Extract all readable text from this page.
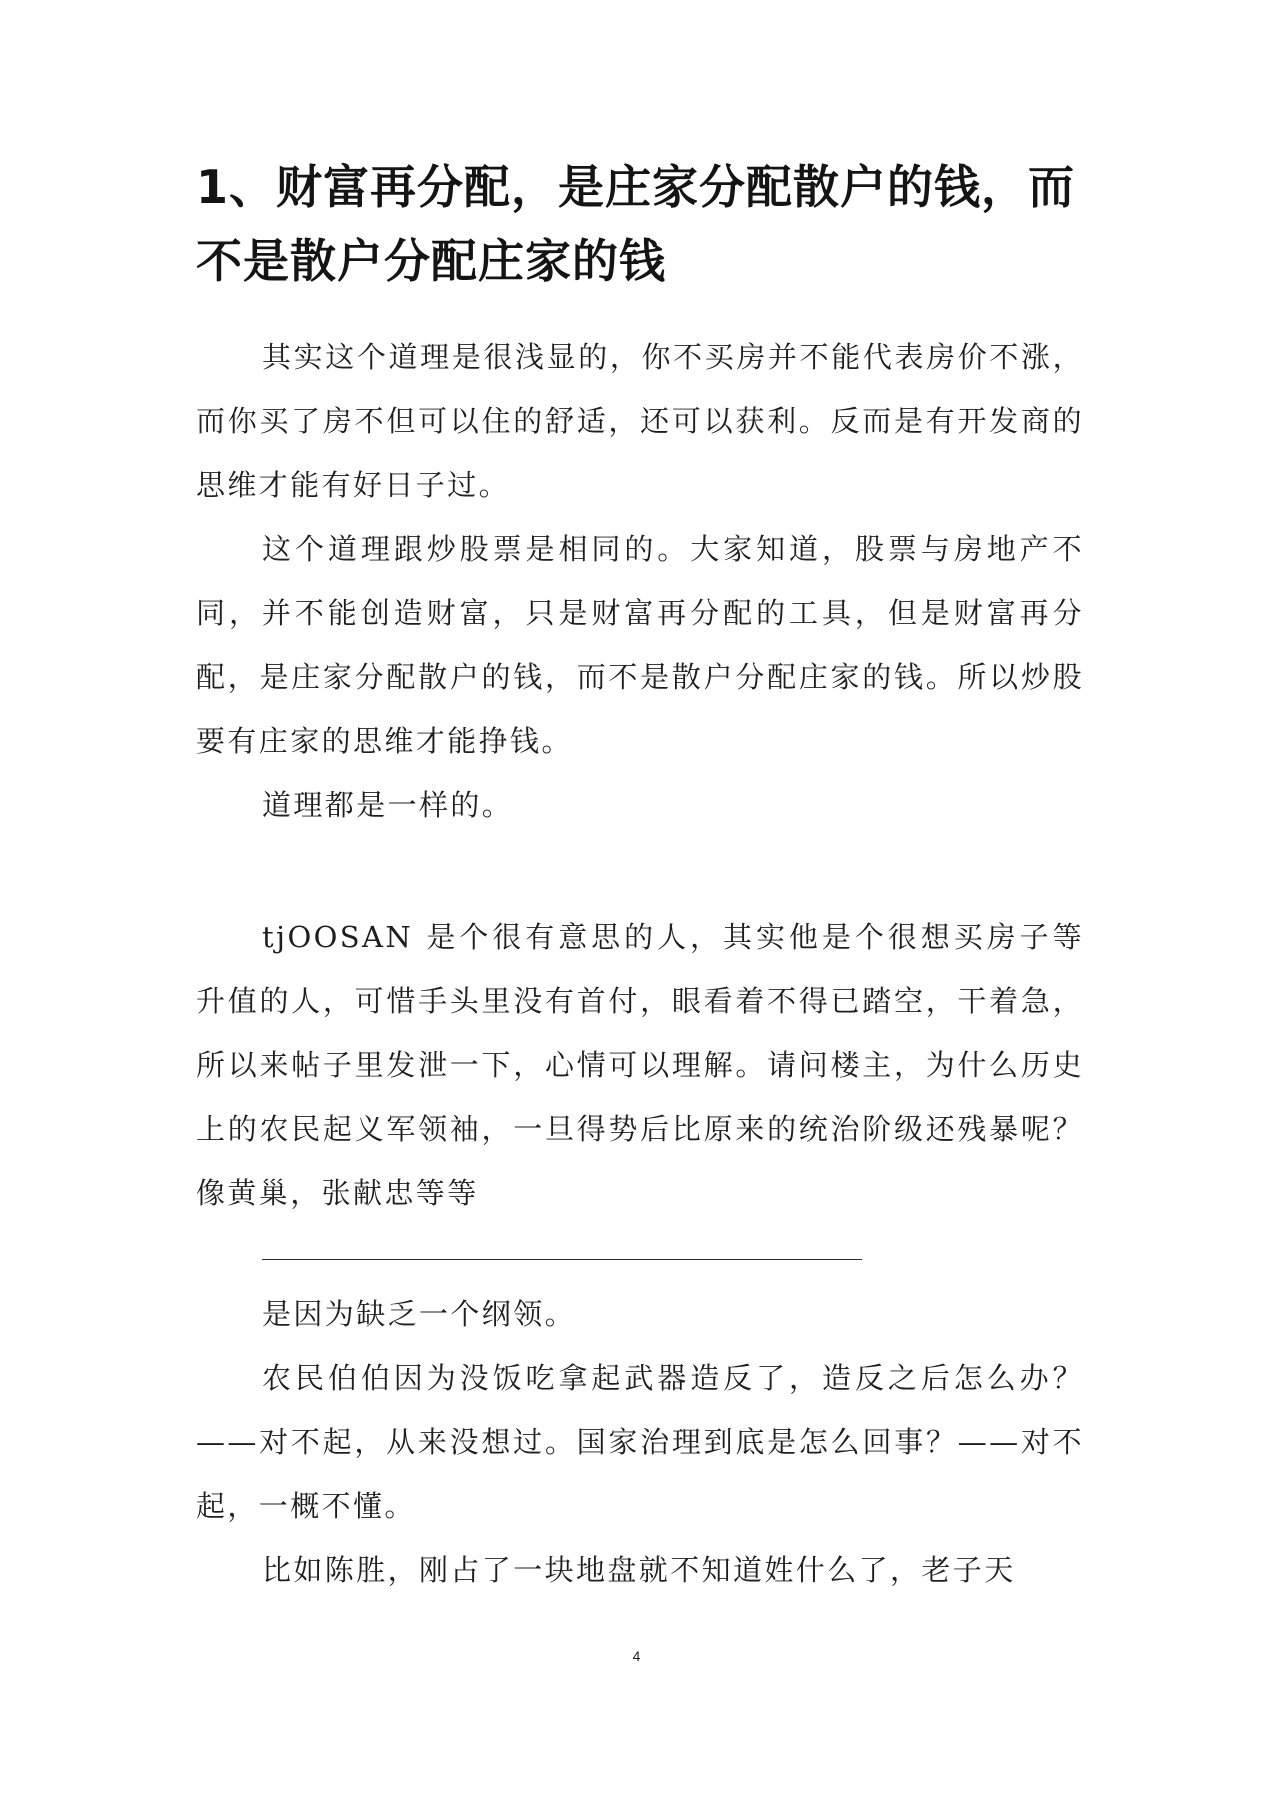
1、财富再分配，是庄家分配散户的钱，而不是散户分配庄家的钱

其实这个道理是很浅显的，你不买房并不能代表房价不涨，而你买了房不但可以住的舒适，还可以获利。反而是有开发商的思维才能有好日子过。

这个道理跟炒股票是相同的。大家知道，股票与房地产不同，并不能创造财富，只是财富再分配的工具，但是财富再分配，是庄家分配散户的钱，而不是散户分配庄家的钱。所以炒股要有庄家的思维才能挣钱。

道理都是一样的。

tjOOSAN 是个很有意思的人，其实他是个很想买房子等升值的人，可惜手头里没有首付，眼看着不得已踏空，干着急，所以来帖子里发泄一下，心情可以理解。请问楼主，为什么历史上的农民起义军领袖，一旦得势后比原来的统治阶级还残暴呢？像黄巢，张献忠等等

是因为缺乏一个纲领。

农民伯伯因为没饭吃拿起武器造反了，造反之后怎么办？——对不起，从来没想过。国家治理到底是怎么回事？——对不起，一概不懂。

比如陈胜，刚占了一块地盘就不知道姓什么了，老子天

4
